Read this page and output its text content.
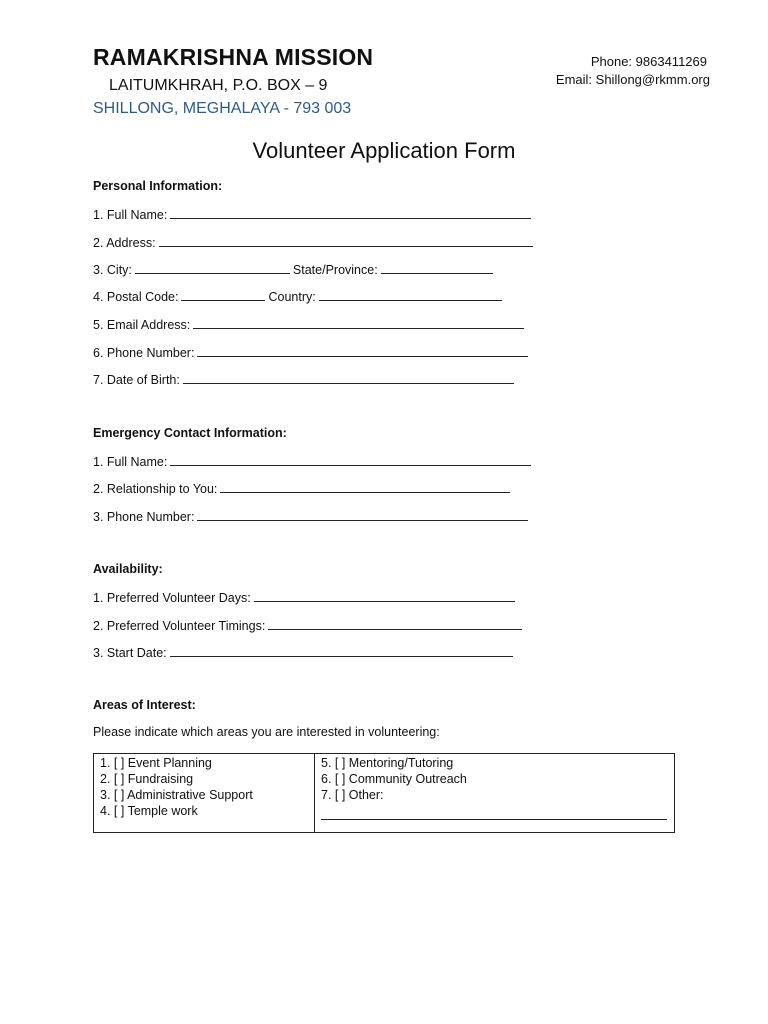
RAMAKRISHNA MISSION
LAITUMKHRAH, P.O. BOX – 9
SHILLONG, MEGHALAYA - 793 003
Phone: 9863411269
Email: Shillong@rkmm.org
Volunteer Application Form
Personal Information:
1. Full Name:
2. Address:
3. City:	State/Province:
4. Postal Code:	Country:
5. Email Address:
6. Phone Number:
7. Date of Birth:
Emergency Contact Information:
1. Full Name:
2. Relationship to You:
3. Phone Number:
Availability:
1. Preferred Volunteer Days:
2. Preferred Volunteer Timings:
3. Start Date:
Areas of Interest:
Please indicate which areas you are interested in volunteering:
1. [ ] Event Planning
2. [ ] Fundraising
3. [ ] Administrative Support
4. [ ] Temple work

5. [ ] Mentoring/Tutoring
6. [ ] Community Outreach
7. [ ] Other:
